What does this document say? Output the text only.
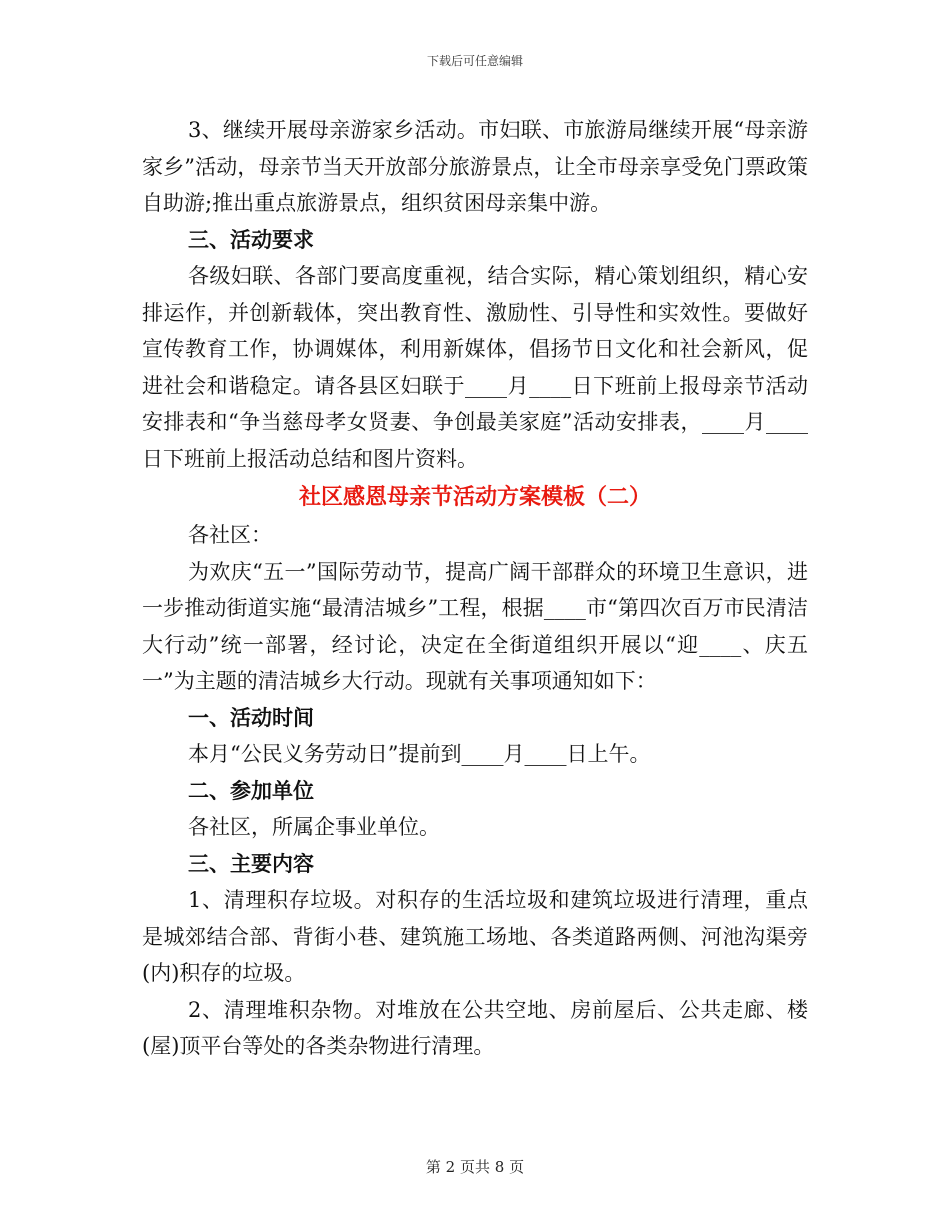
下载后可任意编辑

3、继续开展母亲游家乡活动。市妇联、市旅游局继续开展“母亲游家乡”活动，母亲节当天开放部分旅游景点，让全市母亲享受免门票政策自助游;推出重点旅游景点，组织贫困母亲集中游。

三、活动要求

各级妇联、各部门要高度重视，结合实际，精心策划组织，精心安排运作，并创新载体，突出教育性、激励性、引导性和实效性。要做好宣传教育工作，协调媒体，利用新媒体，倡扬节日文化和社会新风，促进社会和谐稳定。请各县区妇联于____月____日下班前上报母亲节活动安排表和“争当慈母孝女贤妻、争创最美家庭”活动安排表，____月____日下班前上报活动总结和图片资料。

社区感恩母亲节活动方案模板（二）

各社区：

为欢庆“五一”国际劳动节，提高广阔干部群众的环境卫生意识，进一步推动街道实施“最清洁城乡”工程，根据____市“第四次百万市民清洁大行动”统一部署，经讨论，决定在全街道组织开展以“迎____、庆五一”为主题的清洁城乡大行动。现就有关事项通知如下：

一、活动时间

本月“公民义务劳动日”提前到____月____日上午。

二、参加单位

各社区，所属企事业单位。

三、主要内容

1、清理积存垃圾。对积存的生活垃圾和建筑垃圾进行清理，重点是城郊结合部、背街小巷、建筑施工场地、各类道路两侧、河池沟渠旁(内)积存的垃圾。

2、清理堆积杂物。对堆放在公共空地、房前屋后、公共走廊、楼(屋)顶平台等处的各类杂物进行清理。

第 2 页共 8 页
